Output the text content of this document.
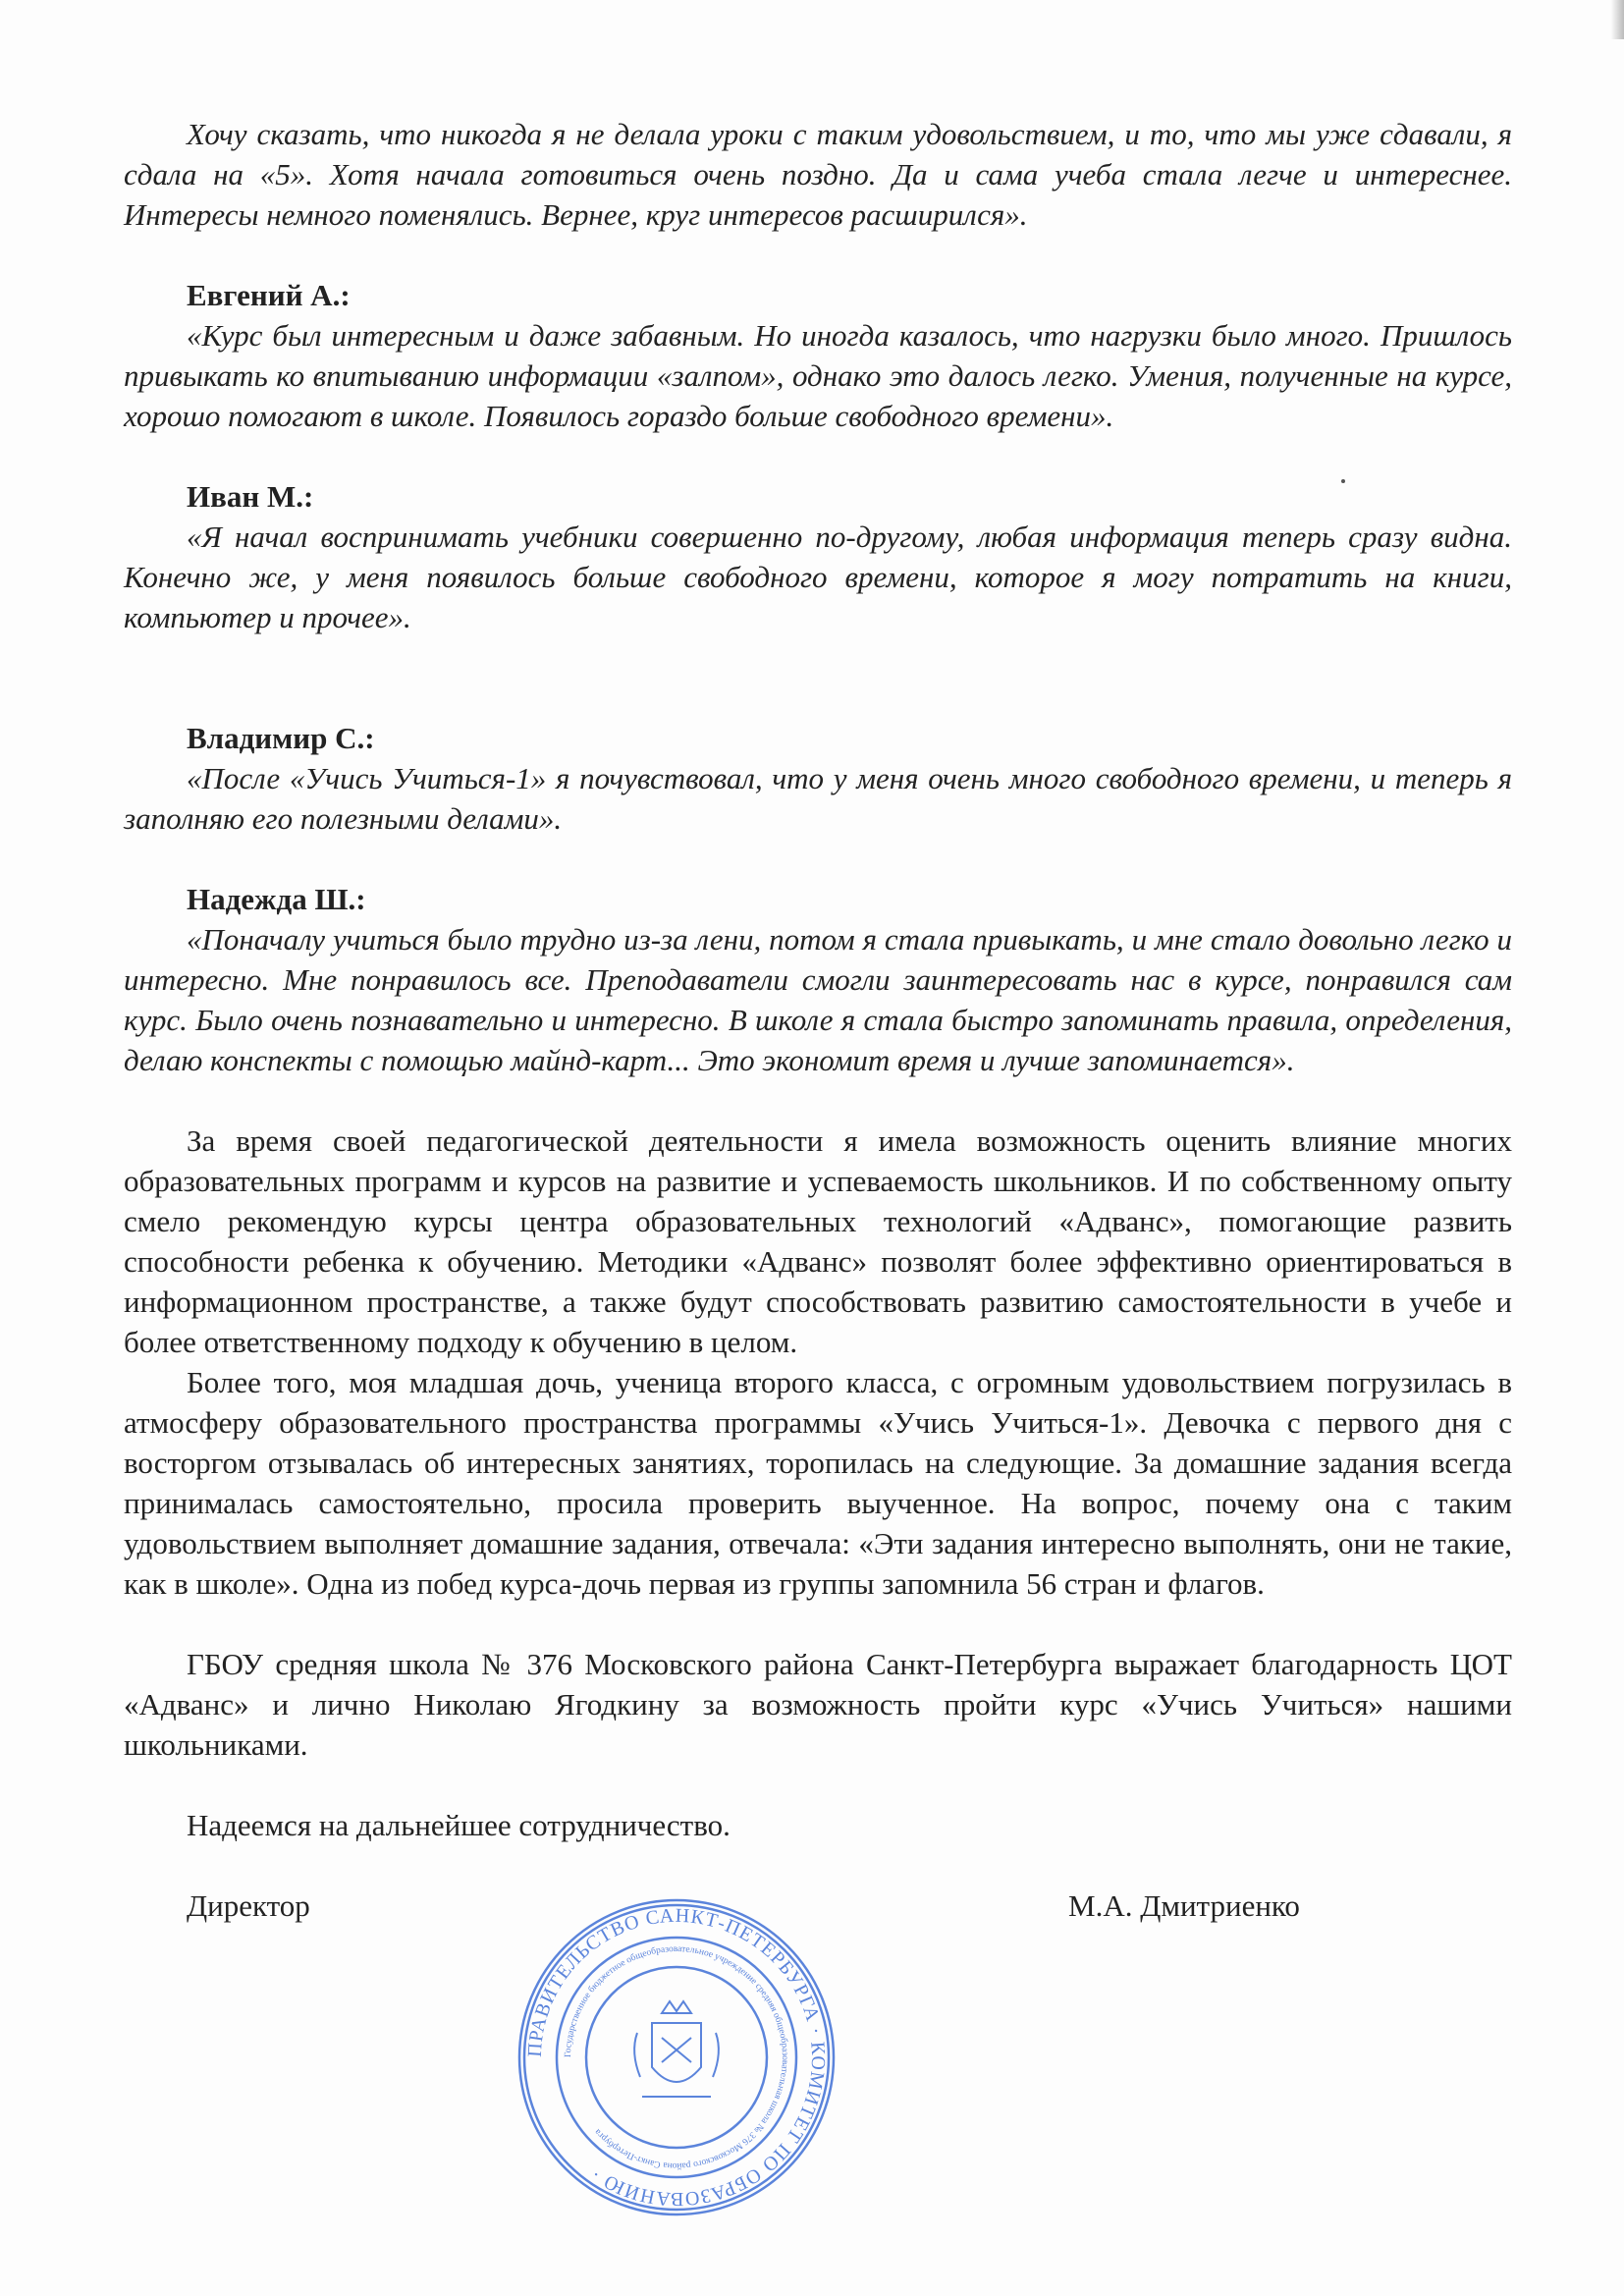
Хочу сказать, что никогда я не делала уроки с таким удовольствием, и то, что мы уже сдавали, я сдала на «5». Хотя начала готовиться очень поздно. Да и сама учеба стала легче и интереснее. Интересы немного поменялись. Вернее, круг интересов расширился».

Евгений А.:

«Курс был интересным и даже забавным. Но иногда казалось, что нагрузки было много. Пришлось привыкать ко впитыванию информации «залпом», однако это далось легко. Умения, полученные на курсе, хорошо помогают в школе. Появилось гораздо больше свободного времени».

Иван М.:

«Я начал воспринимать учебники совершенно по-другому, любая информация теперь сразу видна. Конечно же, у меня появилось больше свободного времени, которое я могу потратить на книги, компьютер и прочее».

Владимир С.:

«После «Учись Учиться-1» я почувствовал, что у меня очень много свободного времени, и теперь я заполняю его полезными делами».

Надежда Ш.:

«Поначалу учиться было трудно из-за лени, потом я стала привыкать, и мне стало довольно легко и интересно. Мне понравилось все. Преподаватели смогли заинтересовать нас в курсе, понравился сам курс. Было очень познавательно и интересно. В школе я стала быстро запоминать правила, определения, делаю конспекты с помощью майнд-карт... Это экономит время и лучше запоминается».

За время своей педагогической деятельности я имела возможность оценить влияние многих образовательных программ и курсов на развитие и успеваемость школьников. И по собственному опыту смело рекомендую курсы центра образовательных технологий «Адванс», помогающие развить способности ребенка к обучению. Методики «Адванс» позволят более эффективно ориентироваться в информационном пространстве, а также будут способствовать развитию самостоятельности в учебе и более ответственному подходу к обучению в целом.

Более того, моя младшая дочь, ученица второго класса, с огромным удовольствием погрузилась в атмосферу образовательного пространства программы «Учись Учиться-1». Девочка с первого дня с восторгом отзывалась об интересных занятиях, торопилась на следующие. За домашние задания всегда принималась самостоятельно, просила проверить выученное. На вопрос, почему она с таким удовольствием выполняет домашние задания, отвечала: «Эти задания интересно выполнять, они не такие, как в школе». Одна из побед курса-дочь первая из группы запомнила 56 стран и флагов.

ГБОУ средняя школа № 376 Московского района Санкт-Петербурга выражает благодарность ЦОТ «Адванс» и лично Николаю Ягодкину за возможность пройти курс «Учись Учиться» нашими школьниками.

Надеемся на дальнейшее сотрудничество.

Директор	М.А. Дмитриенко
ПРАВИТЕЛЬСТВО САНКТ-ПЕТЕРБУРГА · КОМИТЕТ ПО ОБРАЗОВАНИЮ ·
Государственное бюджетное общеобразовательное учреждение средняя общеобразовательная школа № 376 Московского района Санкт-Петербурга
